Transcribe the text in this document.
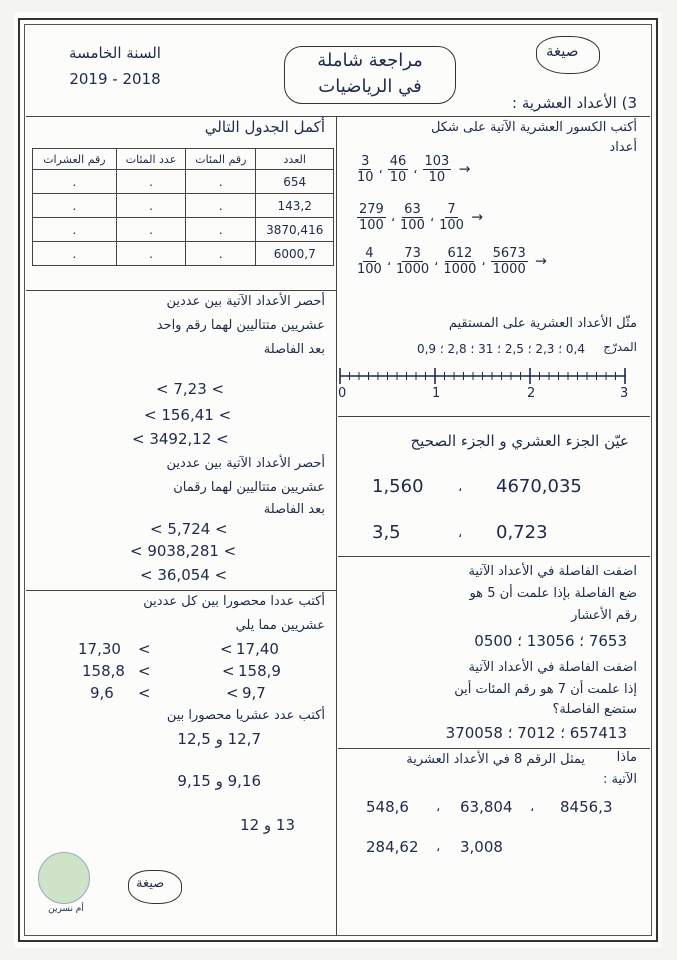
صيغة
مراجعة شاملة
في الرياضيات
السنة الخامسة
2019 - 2018
3) الأعداد العشرية :
أكتب الكسور العشرية الآتية على شكل
أعداد
$\frac{3}{10}$ ، $\frac{46}{10}$ ، $\frac{103}{10}$ →
$\frac{279}{100}$ ، $\frac{63}{100}$ ، $\frac{7}{100}$ →
$\frac{4}{100}$ ، $\frac{73}{1000}$ ، $\frac{612}{1000}$ ، $\frac{5673}{1000}$ →
مثّل الأعداد العشرية على المستقيم
المدرّج
0,4 ؛ 2,3 ؛ 2,5 ؛ 31 ؛ 2,8 ؛ 0,9
0	1	2	3
عيّن الجزء العشري و الجزء الصحيح
1,560	، 4670,035
3,5	، 0,723
اضفت الفاصلة في الأعداد الآتية
ضع الفاصلة بإذا علمت أن 5 هو
رقم الأعشار
7653 ؛ 13056 ؛ 0500
اضفت الفاصلة في الأعداد الآتية
إذا علمت أن 7 هو رقم المئات أين
ستضع الفاصلة؟
657413 ؛ 7012 ؛ 370058
ماذا
يمثل الرقم 8 في الأعداد العشرية
الآتية :
548,6 ، 63,804 ، 8456,3
284,62 ، 3,008
أكمل الجدول التالي
العدد	رقم المئات	عدد المئات	رقم العشرات
654	.	.	.
143,2	.	.	.
3870,416	.	.	.
6000,7	.	.	.
أحصر الأعداد الآتية بين عددين
عشريين متتاليين لهما رقم واحد
بعد الفاصلة
< 7,23 <
< 156,41 <
< 3492,12 <
أحصر الأعداد الآتية بين عددين
عشريين متتاليين لهما رقمان
بعد الفاصلة
< 5,724 <
< 9038,281 <
< 36,054 <
أكتب عددا محصورا بين كل عددين
عشريين مما يلي
17,30 <	< 17,40
158,8 <	< 158,9
9,6 <	< 9,7
أكتب عدد عشريا محصورا بين
12,7 و 12,5
9,16 و 9,15
13 و 12
أم نسرين
صيغة
